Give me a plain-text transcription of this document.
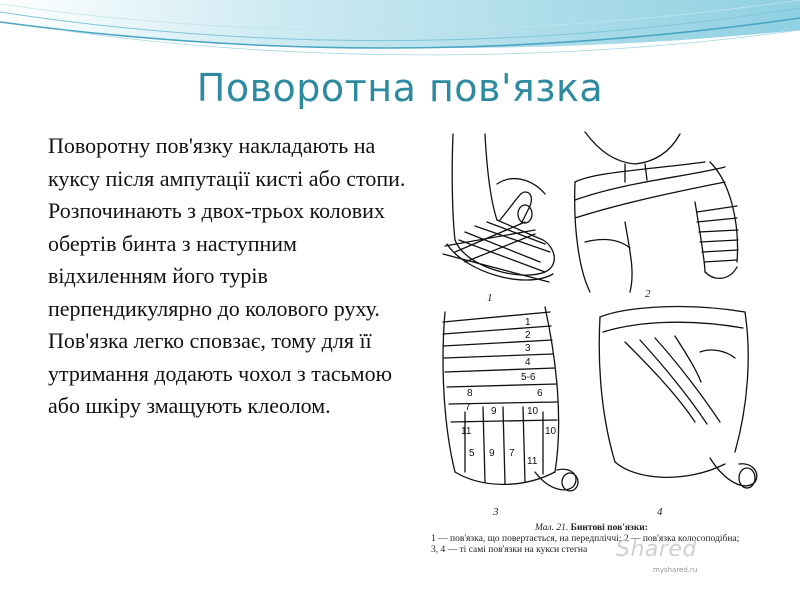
Поворотна пов'язка
Поворотну пов'язку накладають на куксу після ампутації кисті або стопи. Розпочинають з двох-трьох колових обертів бинта з наступним відхиленням його турів перпендикулярно до колового руху. Пов'язка легко сповзає, тому для її утримання додають чохол з тасьмою або шкіру змащують клеолом.
1
2
3
4
5-6
8
7
6
9	10
11
5 9 7
11
10
1	2
3	4
Мал. 21. Бинтові пов'язки:

1 — пов'язка, що повертається, на передпліччі; 2 — пов'язка колосоподібна;

3, 4 — ті самі пов'язки на кукси стегна	Shared
myshared.ru
